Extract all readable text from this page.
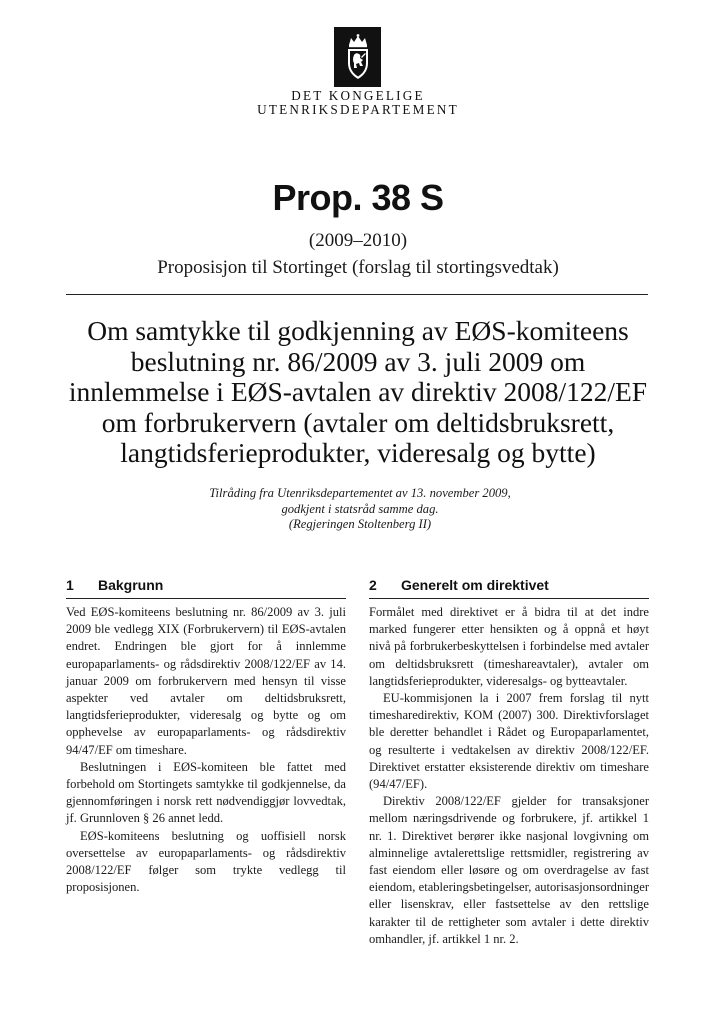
DET KONGELIGE
UTENRIKSDEPARTEMENT
Prop. 38 S
(2009–2010)
Proposisjon til Stortinget (forslag til stortingsvedtak)
Om samtykke til godkjenning av EØS-komiteens
beslutning nr. 86/2009 av 3. juli 2009 om
innlemmelse i EØS-avtalen av direktiv 2008/122/EF
om forbrukervern (avtaler om deltidsbruksrett,
langtidsferieprodukter, videresalg og bytte)
Tilråding fra Utenriksdepartementet av 13. november 2009,
godkjent i statsråd samme dag.
(Regjeringen Stoltenberg II)
1 Bakgrunn	2 Generelt om direktivet

Ved EØS-komiteens beslutning nr. 86/2009 av 3. juli 2009 ble vedlegg XIX (Forbrukervern) til EØS-avtalen endret. Endringen ble gjort for å innlemme europaparlaments- og rådsdirektiv 2008/122/EF av 14. januar 2009 om forbrukervern med hensyn til visse aspekter ved avtaler om deltidsbruksrett, langtidsferieprodukter, videresalg og bytte og om opphevelse av europaparlaments- og rådsdirektiv 94/47/EF om timeshare.

Beslutningen i EØS-komiteen ble fattet med forbehold om Stortingets samtykke til godkjennelse, da gjennomføringen i norsk rett nødvendiggjør lovvedtak, jf. Grunnloven § 26 annet ledd.

EØS-komiteens beslutning og uoffisiell norsk oversettelse av europaparlaments- og rådsdirektiv 2008/122/EF følger som trykte vedlegg til proposisjonen.

Formålet med direktivet er å bidra til at det indre marked fungerer etter hensikten og å oppnå et høyt nivå på forbrukerbeskyttelsen i forbindelse med avtaler om deltidsbruksrett (timeshareavtaler), avtaler om langtidsferieprodukter, videresalgs- og bytteavtaler.

EU-kommisjonen la i 2007 frem forslag til nytt timesharedirektiv, KOM (2007) 300. Direktivforslaget ble deretter behandlet i Rådet og Europaparlamentet, og resulterte i vedtakelsen av direktiv 2008/122/EF. Direktivet erstatter eksisterende direktiv om timeshare (94/47/EF).

Direktiv 2008/122/EF gjelder for transaksjoner mellom næringsdrivende og forbrukere, jf. artikkel 1 nr. 1. Direktivet berører ikke nasjonal lovgivning om alminnelige avtalerettslige rettsmidler, registrering av fast eiendom eller løsøre og om overdragelse av fast eiendom, etableringsbetingelser, autorisasjonsordninger eller lisenskrav, eller fastsettelse av den rettslige karakter til de rettigheter som avtaler i dette direktiv omhandler, jf. artikkel 1 nr. 2.
